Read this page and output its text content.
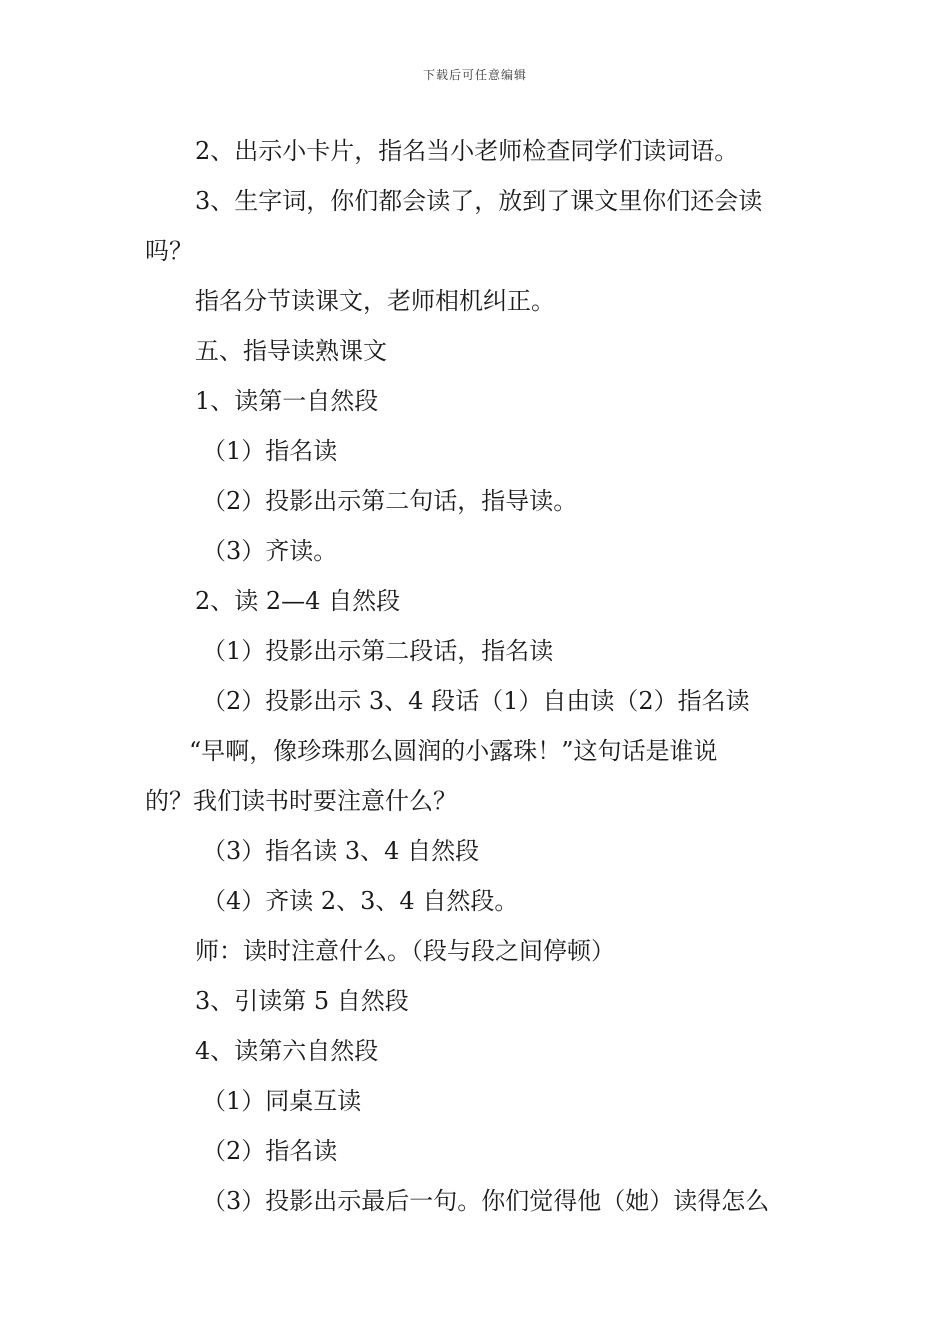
下载后可任意编辑
2、出示小卡片，指名当小老师检查同学们读词语。
3、生字词，你们都会读了，放到了课文里你们还会读
吗？
指名分节读课文，老师相机纠正。
五、指导读熟课文
1、读第一自然段
（1）指名读
（2）投影出示第二句话，指导读。
（3）齐读。
2、读 2—4 自然段
（1）投影出示第二段话，指名读
（2）投影出示 3、4 段话（1）自由读（2）指名读
“早啊，像珍珠那么圆润的小露珠！”这句话是谁说
的？我们读书时要注意什么？
（3）指名读 3、4 自然段
（4）齐读 2、3、4 自然段。
师：读时注意什么。（段与段之间停顿）
3、引读第 5 自然段
4、读第六自然段
（1）同桌互读
（2）指名读
（3）投影出示最后一句。你们觉得他（她）读得怎么
